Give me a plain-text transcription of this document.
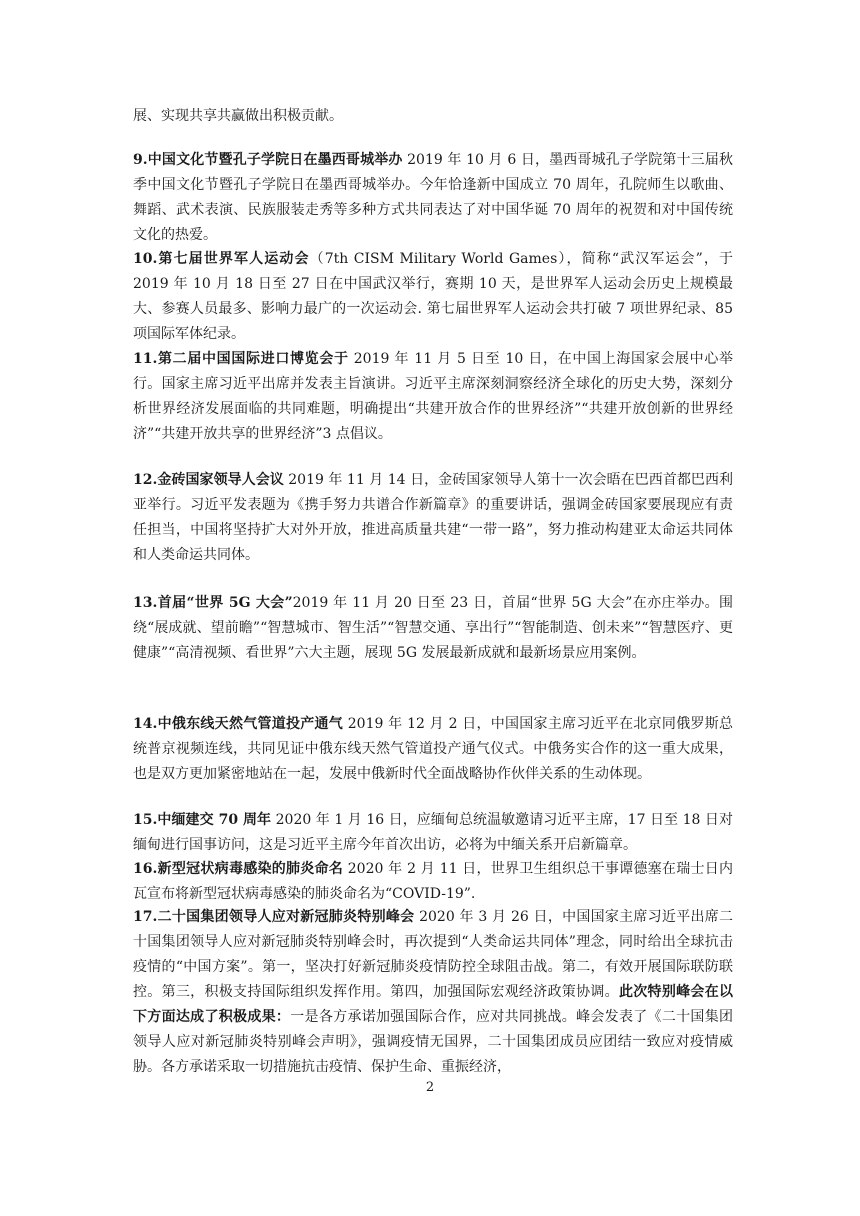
展、实现共享共赢做出积极贡献。

9.中国文化节暨孔子学院日在墨西哥城举办 2019 年 10 月 6 日，墨西哥城孔子学院第十三届秋季中国文化节暨孔子学院日在墨西哥城举办。今年恰逢新中国成立 70 周年，孔院师生以歌曲、舞蹈、武术表演、民族服装走秀等多种方式共同表达了对中国华诞 70 周年的祝贺和对中国传统文化的热爱。

10.第七届世界军人运动会（7th CISM Military World Games），简称“武汉军运会”，于 2019 年 10 月 18 日至 27 日在中国武汉举行，赛期 10 天，是世界军人运动会历史上规模最大、参赛人员最多、影响力最广的一次运动会. 第七届世界军人运动会共打破 7 项世界纪录、85 项国际军体纪录。

11.第二届中国国际进口博览会于 2019 年 11 月 5 日至 10 日，在中国上海国家会展中心举行。国家主席习近平出席并发表主旨演讲。习近平主席深刻洞察经济全球化的历史大势，深刻分析世界经济发展面临的共同难题，明确提出“共建开放合作的世界经济”“共建开放创新的世界经济”“共建开放共享的世界经济”3 点倡议。

12.金砖国家领导人会议 2019 年 11 月 14 日，金砖国家领导人第十一次会晤在巴西首都巴西利亚举行。习近平发表题为《携手努力共谱合作新篇章》的重要讲话，强调金砖国家要展现应有责任担当，中国将坚持扩大对外开放，推进高质量共建“一带一路”，努力推动构建亚太命运共同体和人类命运共同体。

13.首届“世界 5G 大会”2019 年 11 月 20 日至 23 日，首届“世界 5G 大会”在亦庄举办。围绕“展成就、望前瞻”“智慧城市、智生活”“智慧交通、享出行”“智能制造、创未来”“智慧医疗、更健康”“高清视频、看世界”六大主题，展现 5G 发展最新成就和最新场景应用案例。

14.中俄东线天然气管道投产通气 2019 年 12 月 2 日，中国国家主席习近平在北京同俄罗斯总统普京视频连线，共同见证中俄东线天然气管道投产通气仪式。中俄务实合作的这一重大成果，也是双方更加紧密地站在一起，发展中俄新时代全面战略协作伙伴关系的生动体现。

15.中缅建交 70 周年 2020 年 1 月 16 日，应缅甸总统温敏邀请习近平主席，17 日至 18 日对缅甸进行国事访问，这是习近平主席今年首次出访，必将为中缅关系开启新篇章。

16.新型冠状病毒感染的肺炎命名 2020 年 2 月 11 日，世界卫生组织总干事谭德塞在瑞士日内瓦宣布将新型冠状病毒感染的肺炎命名为“COVID-19”.

17.二十国集团领导人应对新冠肺炎特别峰会 2020 年 3 月 26 日，中国国家主席习近平出席二十国集团领导人应对新冠肺炎特别峰会时，再次提到“人类命运共同体”理念，同时给出全球抗击疫情的“中国方案”。第一，坚决打好新冠肺炎疫情防控全球阻击战。第二，有效开展国际联防联控。第三，积极支持国际组织发挥作用。第四，加强国际宏观经济政策协调。此次特别峰会在以下方面达成了积极成果：一是各方承诺加强国际合作，应对共同挑战。峰会发表了《二十国集团领导人应对新冠肺炎特别峰会声明》，强调疫情无国界，二十国集团成员应团结一致应对疫情威胁。各方承诺采取一切措施抗击疫情、保护生命、重振经济，

2
